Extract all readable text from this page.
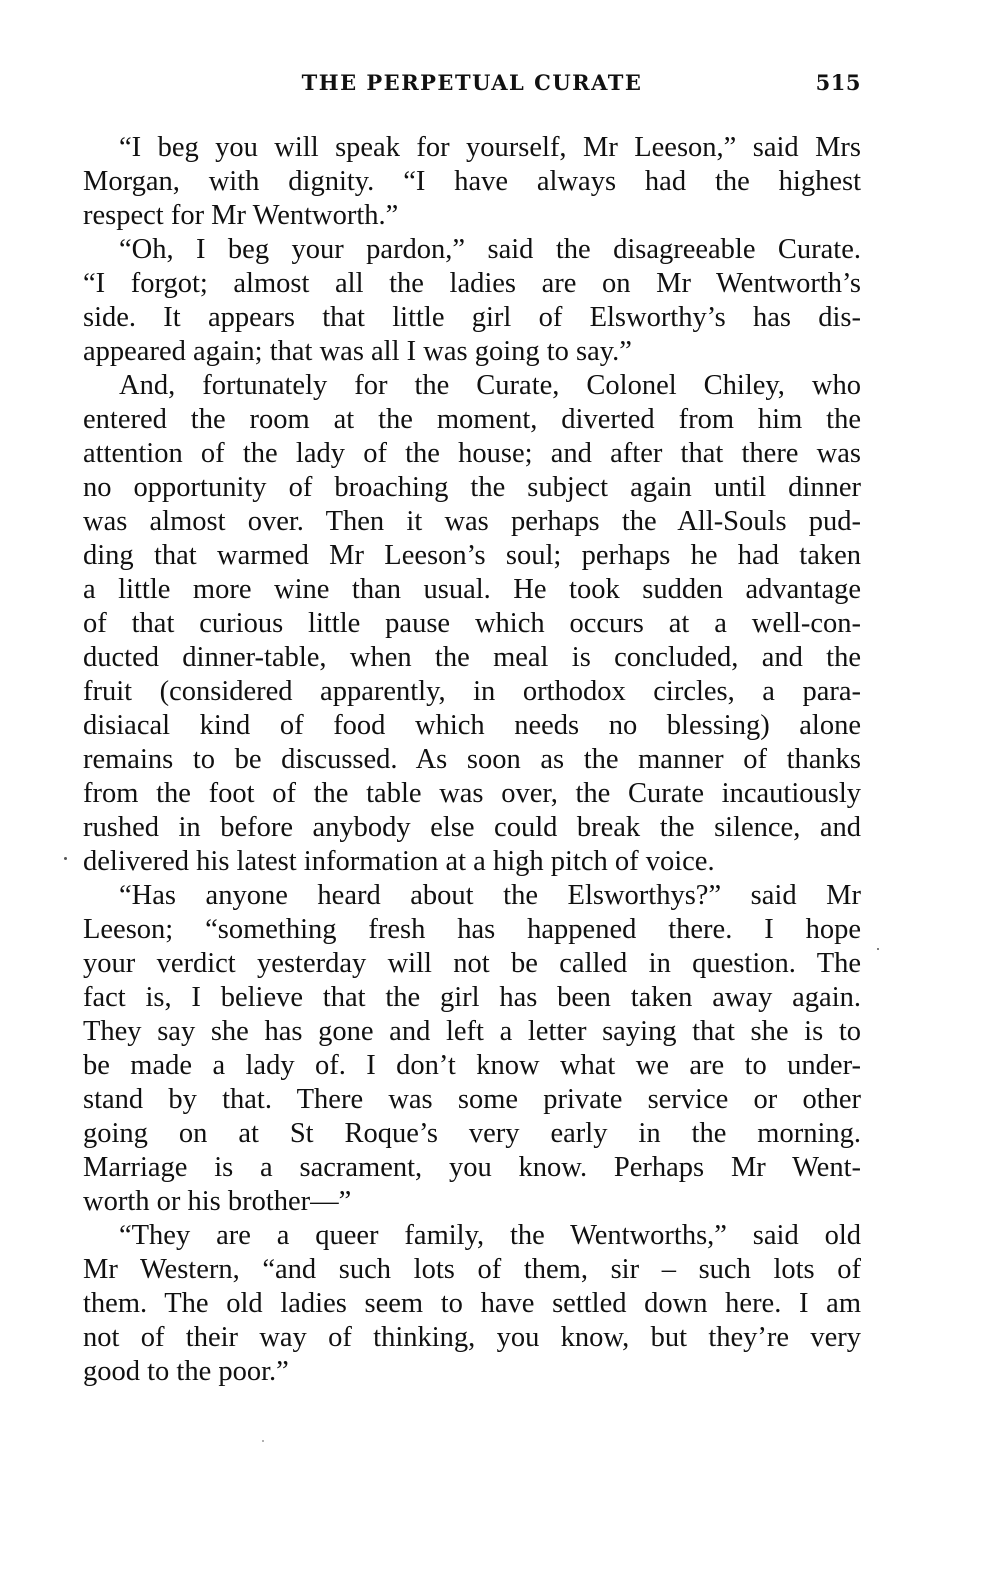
THE PERPETUAL CURATE	515
“I beg you will speak for yourself, Mr Leeson,” said Mrs
Morgan, with dignity. “I have always had the highest
respect for Mr Wentworth.”
“Oh, I beg your pardon,” said the disagreeable Curate.
“I forgot; almost all the ladies are on Mr Wentworth’s
side. It appears that little girl of Elsworthy’s has dis-
appeared again; that was all I was going to say.”
And, fortunately for the Curate, Colonel Chiley, who
entered the room at the moment, diverted from him the
attention of the lady of the house; and after that there was
no opportunity of broaching the subject again until dinner
was almost over. Then it was perhaps the All-Souls pud-
ding that warmed Mr Leeson’s soul; perhaps he had taken
a little more wine than usual. He took sudden advantage
of that curious little pause which occurs at a well-con-
ducted dinner-table, when the meal is concluded, and the
fruit (considered apparently, in orthodox circles, a para-
disiacal kind of food which needs no blessing) alone
remains to be discussed. As soon as the manner of thanks
from the foot of the table was over, the Curate incautiously
rushed in before anybody else could break the silence, and
delivered his latest information at a high pitch of voice.
“Has anyone heard about the Elsworthys?” said Mr
Leeson; “something fresh has happened there. I hope
your verdict yesterday will not be called in question. The
fact is, I believe that the girl has been taken away again.
They say she has gone and left a letter saying that she is to
be made a lady of. I don’t know what we are to under-
stand by that. There was some private service or other
going on at St Roque’s very early in the morning.
Marriage is a sacrament, you know. Perhaps Mr Went-
worth or his brother—”
“They are a queer family, the Wentworths,” said old
Mr Western, “and such lots of them, sir – such lots of
them. The old ladies seem to have settled down here. I am
not of their way of thinking, you know, but they’re very
good to the poor.”
